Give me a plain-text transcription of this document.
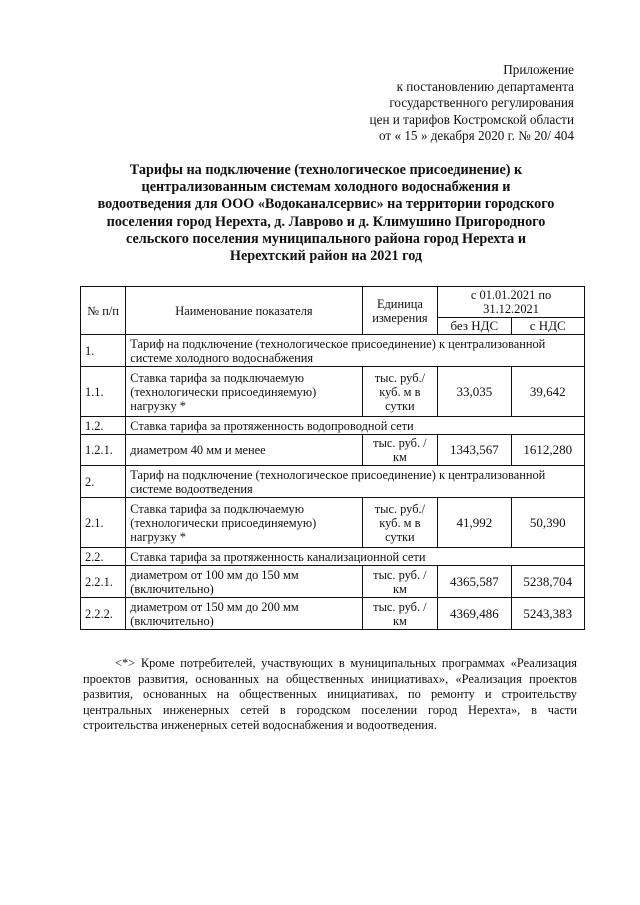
Приложение
к постановлению департамента
государственного регулирования
цен и тарифов Костромской области
от « 15 » декабря 2020 г. № 20/ 404
Тарифы на подключение (технологическое присоединение) к
централизованным системам холодного водоснабжения и
водоотведения для ООО «Водоканалсервис» на территории городского
поселения город Нерехта, д. Лаврово и д. Климушино Пригородного
сельского поселения муниципального района город Нерехта и
Нерехтский район на 2021 год
№ п/п	Наименование показателя	Единица измерения	с 01.01.2021 по 31.12.2021	
			без НДС	с НДС
1.	Тариф на подключение (технологическое присоединение) к централизованной системе холодного водоснабжения			
1.1.	Ставка тарифа за подключаемую (технологически присоединяемую) нагрузку *	тыс. руб./ куб. м в сутки	33,035	39,642
1.2.	Ставка тарифа за протяженность водопроводной сети			
1.2.1.	диаметром 40 мм и менее	тыс. руб. /км	1343,567	1612,280
2.	Тариф на подключение (технологическое присоединение) к централизованной системе водоотведения			
2.1.	Ставка тарифа за подключаемую (технологически присоединяемую) нагрузку *	тыс. руб./ куб. м в сутки	41,992	50,390
2.2.	Ставка тарифа за протяженность канализационной сети			
2.2.1.	диаметром от 100 мм до 150 мм (включительно)	тыс. руб. /км	4365,587	5238,704
2.2.2.	диаметром от 150 мм до 200 мм (включительно)	тыс. руб. /км	4369,486	5243,383
<*> Кроме потребителей, участвующих в муниципальных программах «Реализация проектов развития, основанных на общественных инициативах», «Реализация проектов развития, основанных на общественных инициативах, по ремонту и строительству центральных инженерных сетей в городском поселении город Нерехта», в части строительства инженерных сетей водоснабжения и водоотведения.
